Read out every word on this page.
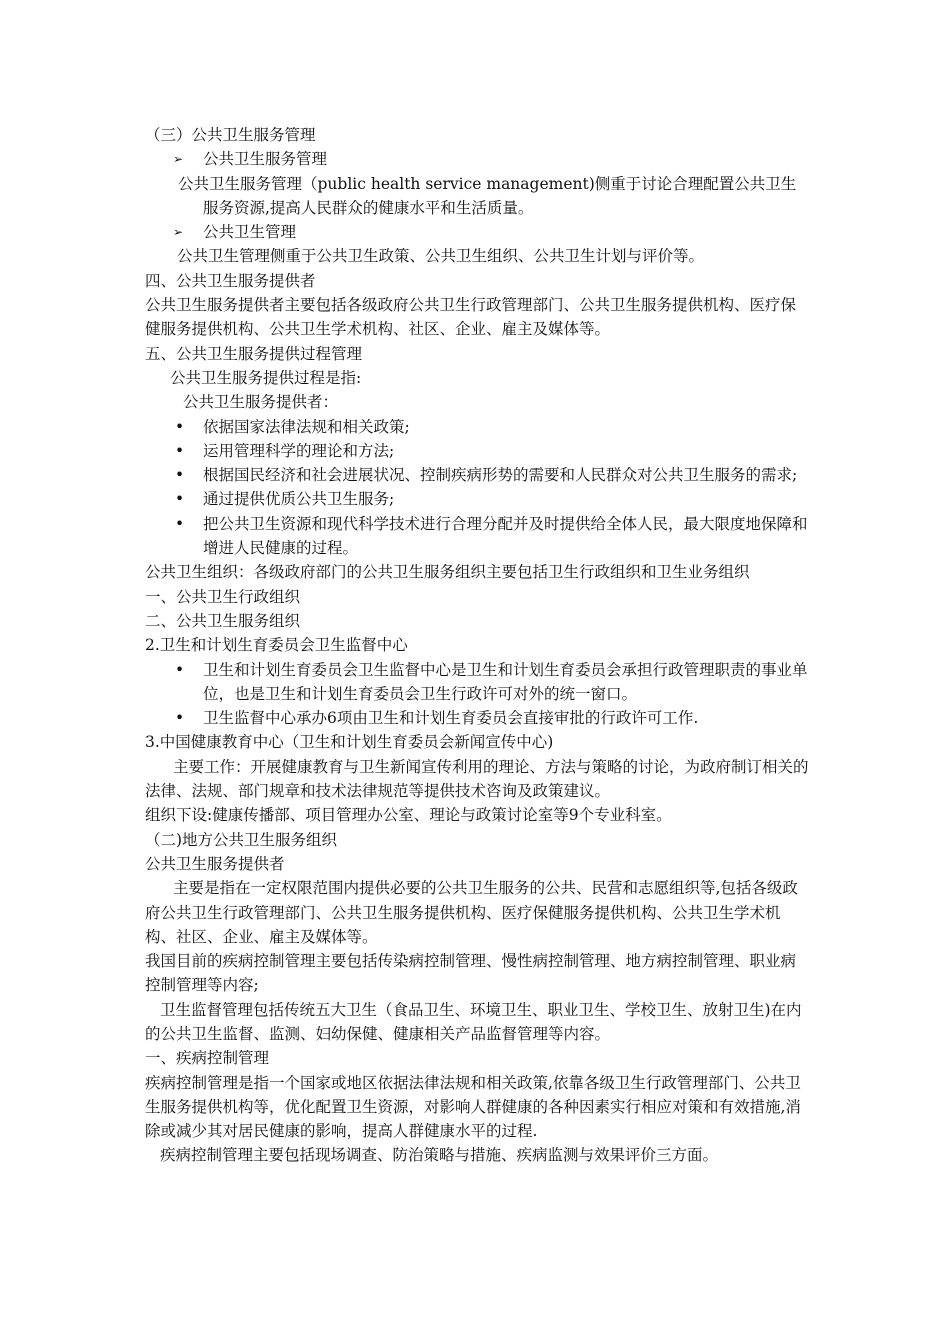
（三）公共卫生服务管理

➢ 公共卫生服务管理

公共卫生服务管理（public health service management)侧重于讨论合理配置公共卫生服务资源,提高人民群众的健康水平和生活质量。

➢ 公共卫生管理

公共卫生管理侧重于公共卫生政策、公共卫生组织、公共卫生计划与评价等。

四、公共卫生服务提供者

公共卫生服务提供者主要包括各级政府公共卫生行政管理部门、公共卫生服务提供机构、医疗保健服务提供机构、公共卫生学术机构、社区、企业、雇主及媒体等。

五、公共卫生服务提供过程管理

公共卫生服务提供过程是指:

公共卫生服务提供者：

• 依据国家法律法规和相关政策;

• 运用管理科学的理论和方法;

• 根据国民经济和社会进展状况、控制疾病形势的需要和人民群众对公共卫生服务的需求;

• 通过提供优质公共卫生服务;

• 把公共卫生资源和现代科学技术进行合理分配并及时提供给全体人民，最大限度地保障和增进人民健康的过程。

公共卫生组织：各级政府部门的公共卫生服务组织主要包括卫生行政组织和卫生业务组织

一、公共卫生行政组织

二、公共卫生服务组织

2.卫生和计划生育委员会卫生监督中心

• 卫生和计划生育委员会卫生监督中心是卫生和计划生育委员会承担行政管理职责的事业单位，也是卫生和计划生育委员会卫生行政许可对外的统一窗口。

• 卫生监督中心承办6项由卫生和计划生育委员会直接审批的行政许可工作.

3.中国健康教育中心（卫生和计划生育委员会新闻宣传中心)

主要工作：开展健康教育与卫生新闻宣传利用的理论、方法与策略的讨论，为政府制订相关的法律、法规、部门规章和技术法律规范等提供技术咨询及政策建议。

组织下设:健康传播部、项目管理办公室、理论与政策讨论室等9个专业科室。

（二)地方公共卫生服务组织

公共卫生服务提供者

主要是指在一定权限范围内提供必要的公共卫生服务的公共、民营和志愿组织等,包括各级政府公共卫生行政管理部门、公共卫生服务提供机构、医疗保健服务提供机构、公共卫生学术机构、社区、企业、雇主及媒体等。

我国目前的疾病控制管理主要包括传染病控制管理、慢性病控制管理、地方病控制管理、职业病控制管理等内容;

卫生监督管理包括传统五大卫生（食品卫生、环境卫生、职业卫生、学校卫生、放射卫生)在内的公共卫生监督、监测、妇幼保健、健康相关产品监督管理等内容。

一、疾病控制管理

疾病控制管理是指一个国家或地区依据法律法规和相关政策,依靠各级卫生行政管理部门、公共卫生服务提供机构等，优化配置卫生资源，对影响人群健康的各种因素实行相应对策和有效措施,消除或减少其对居民健康的影响，提高人群健康水平的过程.

疾病控制管理主要包括现场调查、防治策略与措施、疾病监测与效果评价三方面。
